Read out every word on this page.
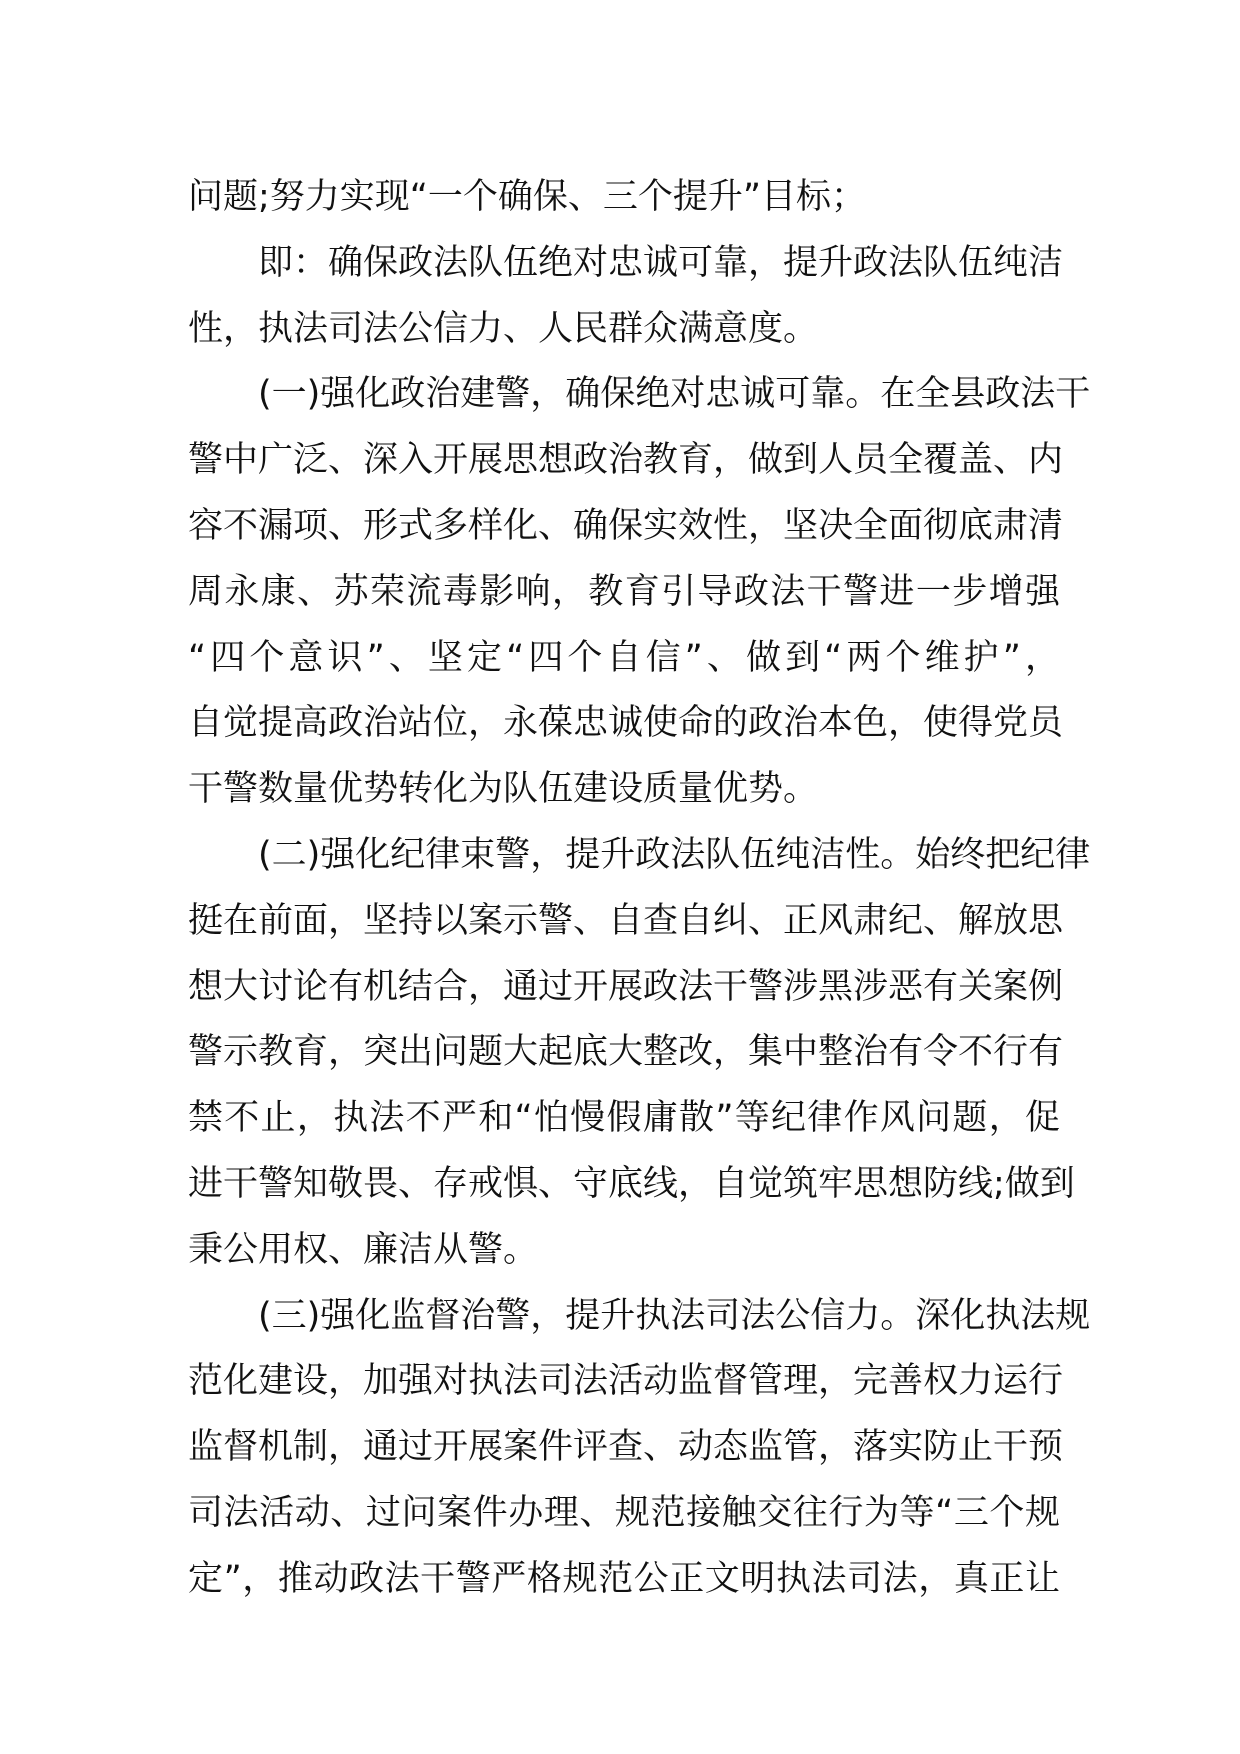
问题;努力实现“一个确保、三个提升”目标；
即：确保政法队伍绝对忠诚可靠，提升政法队伍纯洁
性，执法司法公信力、人民群众满意度。
(一)强化政治建警，确保绝对忠诚可靠。在全县政法干
警中广泛、深入开展思想政治教育，做到人员全覆盖、内
容不漏项、形式多样化、确保实效性，坚决全面彻底肃清
周永康、苏荣流毒影响，教育引导政法干警进一步增强
“四个意识”、坚定“四个自信”、做到“两个维护”，
自觉提高政治站位，永葆忠诚使命的政治本色，使得党员
干警数量优势转化为队伍建设质量优势。
(二)强化纪律束警，提升政法队伍纯洁性。始终把纪律
挺在前面，坚持以案示警、自查自纠、正风肃纪、解放思
想大讨论有机结合，通过开展政法干警涉黑涉恶有关案例
警示教育，突出问题大起底大整改，集中整治有令不行有
禁不止，执法不严和“怕慢假庸散”等纪律作风问题，促
进干警知敬畏、存戒惧、守底线，自觉筑牢思想防线;做到
秉公用权、廉洁从警。
(三)强化监督治警，提升执法司法公信力。深化执法规
范化建设，加强对执法司法活动监督管理，完善权力运行
监督机制，通过开展案件评查、动态监管，落实防止干预
司法活动、过问案件办理、规范接触交往行为等“三个规
定”，推动政法干警严格规范公正文明执法司法，真正让
